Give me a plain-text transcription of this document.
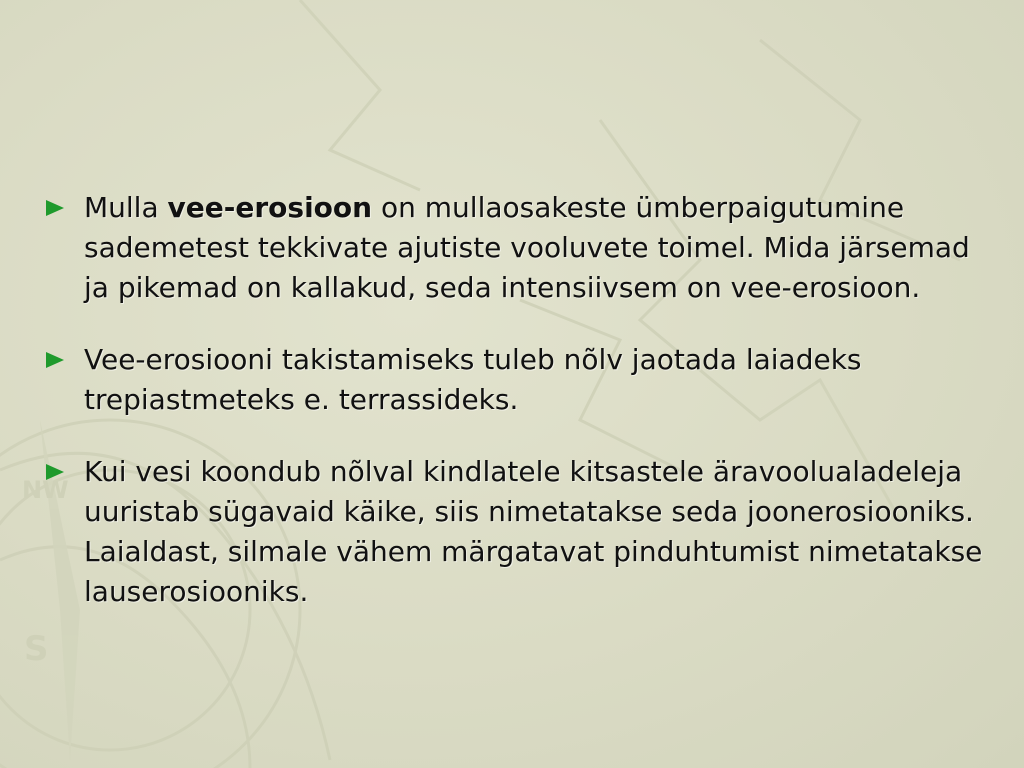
S
NW
Mulla vee-erosioon on mullaosakeste ümberpaigutumine sademetest tekkivate ajutiste vooluvete toimel. Mida järsemad ja pikemad on kallakud, seda intensiivsem on vee-erosioon.
Vee-erosiooni takistamiseks tuleb nõlv jaotada laiadeks trepiastmeteks e. terrassideks.
Kui vesi koondub nõlval kindlatele kitsastele äravoolualadeleja uuristab sügavaid käike, siis nimetatakse seda joonerosiooniks. Laialdast, silmale vähem märgatavat pinduhtumist nimetatakse lauserosiooniks.
